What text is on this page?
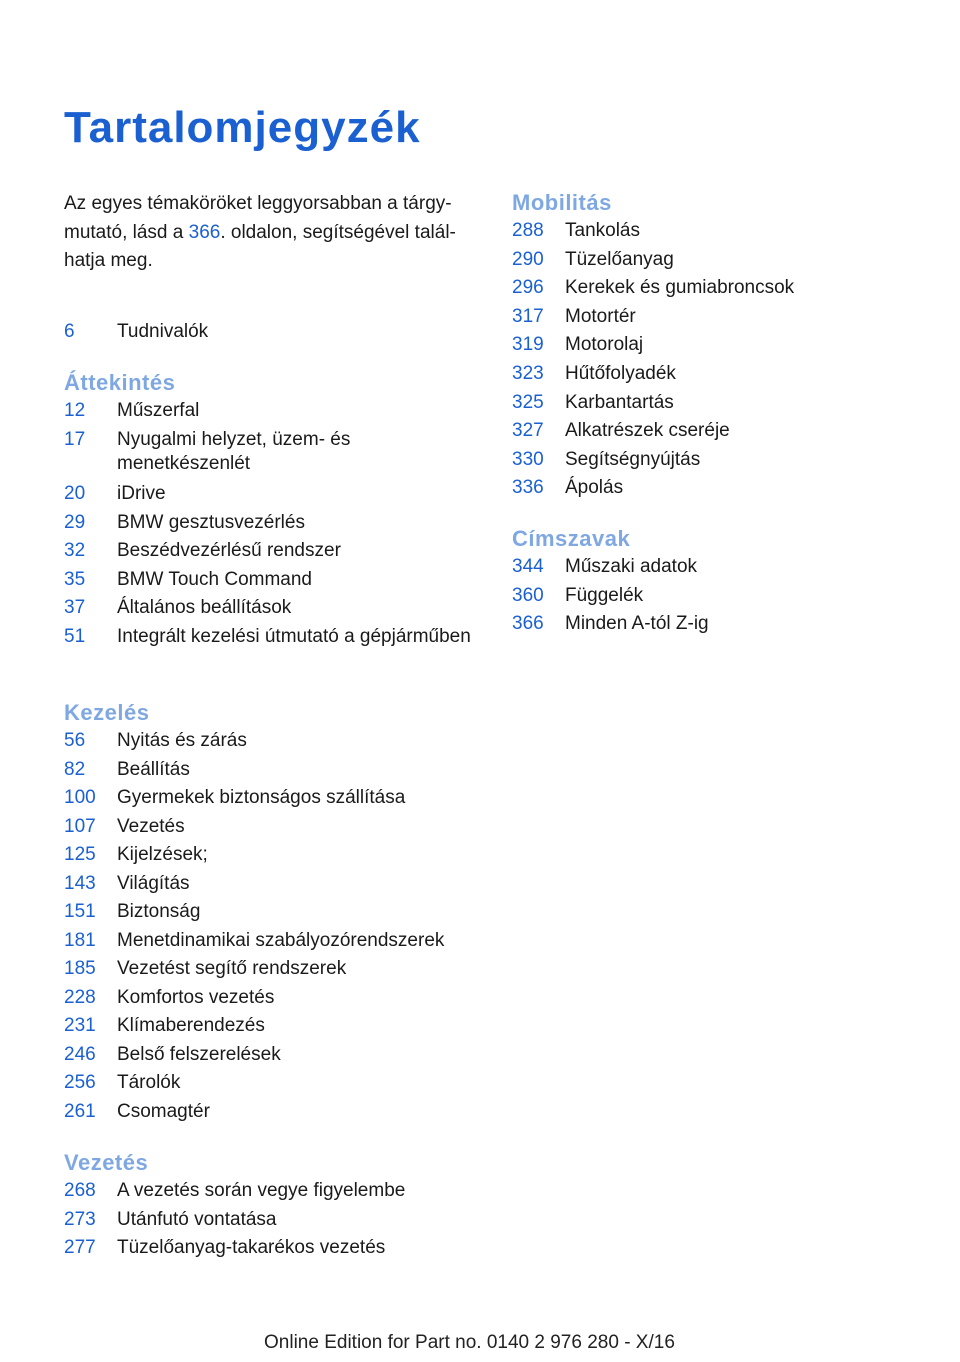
Tartalomjegyzék

Az egyes témaköröket leggyorsabban a tárgymutató, lásd a 366. oldalon, segítségével találhatja meg.

6	Tudnivalók
Áttekintés
12	Műszerfal
17	Nyugalmi helyzet, üzem- és menetkészenlét
20	iDrive
29	BMW gesztusvezérlés
32	Beszédvezérlésű rendszer
35	BMW Touch Command
37	Általános beállítások
51	Integrált kezelési útmutató a gépjárműben
Kezelés
56	Nyitás és zárás
82	Beállítás
100	Gyermekek biztonságos szállítása
107	Vezetés
125	Kijelzések;
143	Világítás
151	Biztonság
181	Menetdinamikai szabályozórendszerek
185	Vezetést segítő rendszerek
228	Komfortos vezetés
231	Klímaberendezés
246	Belső felszerelések
256	Tárolók
261	Csomagtér
Vezetés
268	A vezetés során vegye figyelembe
273	Utánfutó vontatása
277	Tüzelőanyag-takarékos vezetés
Mobilitás
288	Tankolás
290	Tüzelőanyag
296	Kerekek és gumiabroncsok
317	Motortér
319	Motorolaj
323	Hűtőfolyadék
325	Karbantartás
327	Alkatrészek cseréje
330	Segítségnyújtás
336	Ápolás
Címszavak
344	Műszaki adatok
360	Függelék
366	Minden A-tól Z-ig
Online Edition for Part no. 0140 2 976 280 - X/16
